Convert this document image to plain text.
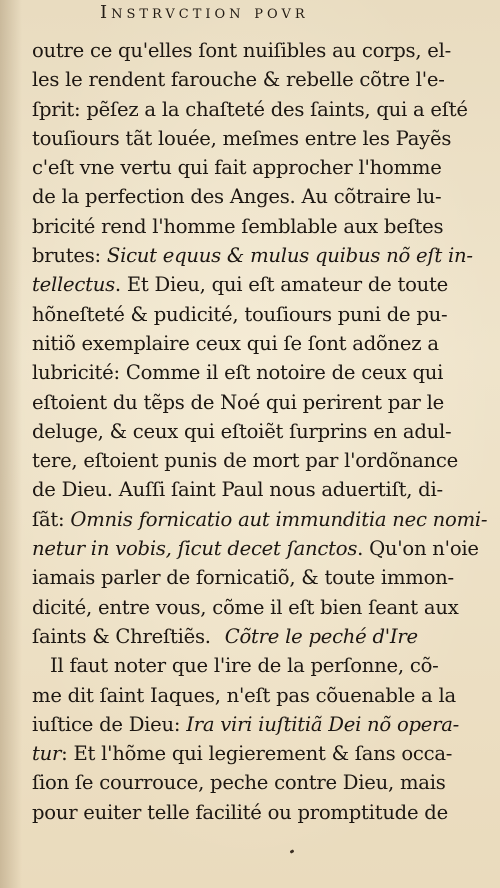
Instrvction povr
outre ce qu'elles ſont nuiſibles au corps, el-
les le rendent farouche & rebelle cõtre l'e-
ſprit: pẽſez a la chaſteté des ſaints, qui a eſté
touſiours tãt louée, meſmes entre les Payẽs
c'eſt vne vertu qui fait approcher l'homme
de la perfection des Anges. Au cõtraire lu-
bricité rend l'homme ſemblable aux beſtes
brutes: Sicut equus & mulus quibus nõ eſt in-
tellectus. Et Dieu, qui eſt amateur de toute
hõneſteté & pudicité, touſiours puni de pu-
nitiõ exemplaire ceux qui ſe ſont adõnez a
lubricité: Comme il eſt notoire de ceux qui
eſtoient du tẽps de Noé qui perirent par le
deluge, & ceux qui eſtoiẽt ſurprins en adul-
tere, eſtoient punis de mort par l'ordõnance
de Dieu. Auſſi ſaint Paul nous aduertiſt, di-
ſãt: Omnis fornicatio aut immunditia nec nomi-
netur in vobis, ſicut decet ſanctos. Qu'on n'oie
iamais parler de fornicatiõ, & toute immon-
dicité, entre vous, cõme il eſt bien ſeant aux
ſaints & Chreſtiẽs. Cõtre le peché d'Ire
Il faut noter que l'ire de la perſonne, cõ-
me dit ſaint Iaques, n'eſt pas cõuenable a la
iuſtice de Dieu: Ira viri iuſtitiã Dei nõ opera-
tur: Et l'hõme qui legierement & ſans occa-
ſion ſe courrouce, peche contre Dieu, mais
pour euiter telle facilité ou promptitude de
